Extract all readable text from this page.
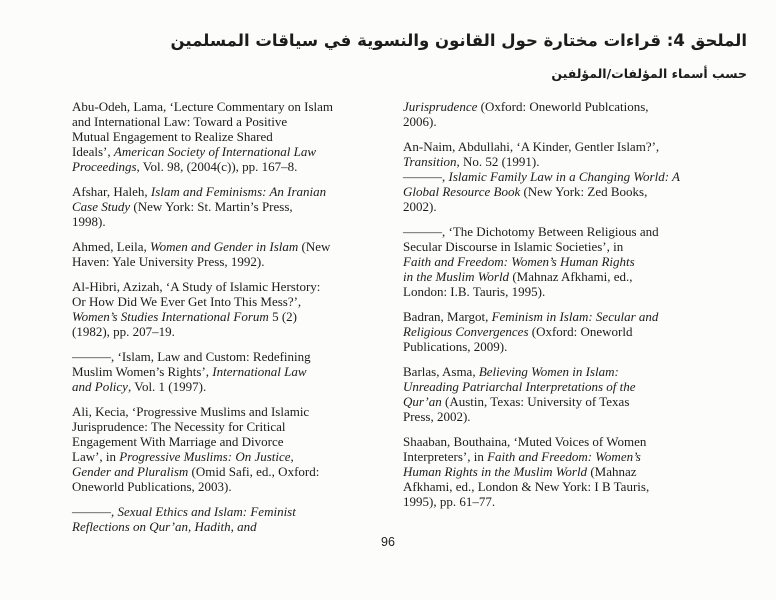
الملحق 4: قراءات مختارة حول القانون والنسوية في سياقات المسلمين
حسب أسماء المؤلفات/المؤلفين

Abu-Odeh, Lama, ‘Lecture Commentary on Islam
and International Law: Toward a Positive
Mutual Engagement to Realize Shared
Ideals’, American Society of International Law
Proceedings, Vol. 98, (2004(c)), pp. 167–8.

Afshar, Haleh, Islam and Feminisms: An Iranian
Case Study (New York: St. Martin’s Press,
1998).

Ahmed, Leila, Women and Gender in Islam (New
Haven: Yale University Press, 1992).

Al-Hibri, Azizah, ‘A Study of Islamic Herstory:
Or How Did We Ever Get Into This Mess?’,
Women’s Studies International Forum 5 (2)
(1982), pp. 207–19.

———, ‘Islam, Law and Custom: Redefining
Muslim Women’s Rights’, International Law
and Policy, Vol. 1 (1997).

Ali, Kecia, ‘Progressive Muslims and Islamic
Jurisprudence: The Necessity for Critical
Engagement With Marriage and Divorce
Law’, in Progressive Muslims: On Justice,
Gender and Pluralism (Omid Safi, ed., Oxford:
Oneworld Publications, 2003).

———, Sexual Ethics and Islam: Feminist
Reflections on Qur’an, Hadith, and

Jurisprudence (Oxford: Oneworld Publcations,
2006).

An-Naim, Abdullahi, ‘A Kinder, Gentler Islam?’,
Transition, No. 52 (1991).
———, Islamic Family Law in a Changing World: A
Global Resource Book (New York: Zed Books,
2002).

———, ‘The Dichotomy Between Religious and
Secular Discourse in Islamic Societies’, in
Faith and Freedom: Women’s Human Rights
in the Muslim World (Mahnaz Afkhami, ed.,
London: I.B. Tauris, 1995).

Badran, Margot, Feminism in Islam: Secular and
Religious Convergences (Oxford: Oneworld
Publications, 2009).

Barlas, Asma, Believing Women in Islam:
Unreading Patriarchal Interpretations of the
Qur’an (Austin, Texas: University of Texas
Press, 2002).

Shaaban, Bouthaina, ‘Muted Voices of Women
Interpreters’, in Faith and Freedom: Women’s
Human Rights in the Muslim World (Mahnaz
Afkhami, ed., London & New York: I B Tauris,
1995), pp. 61–77.

96
